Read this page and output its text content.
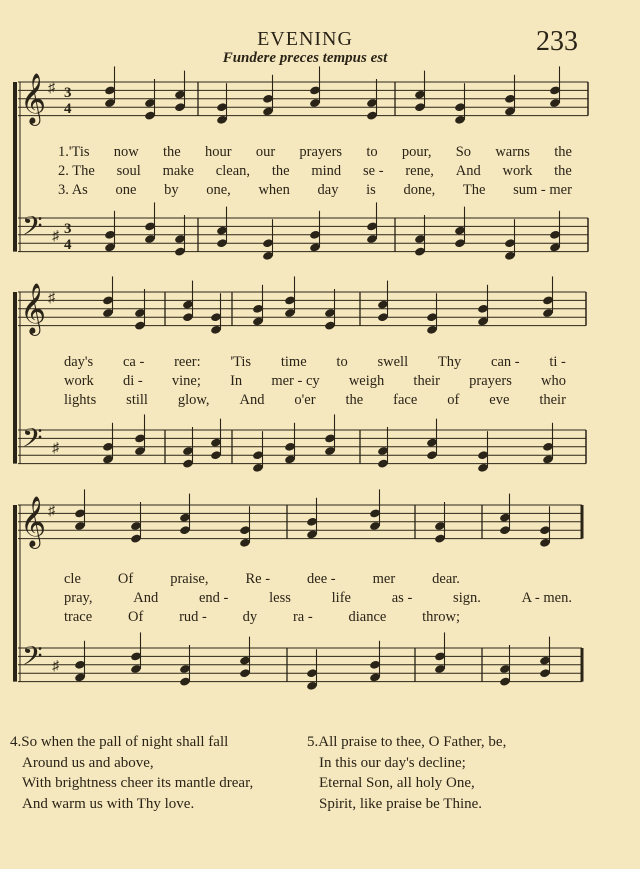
EVENING
Fundere preces tempus est
233
𝄞 ♯ 3
4
𝄢 ♯ 3
4
𝄞 ♯
𝄢 ♯
𝄞 ♯
𝄢 ♯
1.'Tis now the hour our prayers to pour, So warns the
2. The soul make clean, the mind se - rene, And work the
3. As one by one, when day is done, The sum - mer
day's ca - reer: 'Tis time to swell Thy can - ti -
work di - vine; In mer - cy weigh their prayers who
lights still glow, And o'er the face of eve their
cle	Of	praise,	Re -	dee -	mer	dear.
pray,	And	end -	less	life	as -	sign.	A - men.
trace Of rud - dy ra - diance throw;
4.So when the pall of night shall fall
Around us and above,
With brightness cheer its mantle drear,
And warm us with Thy love.
5.All praise to thee, O Father, be,
In this our day's decline;
Eternal Son, all holy One,
Spirit, like praise be Thine.
